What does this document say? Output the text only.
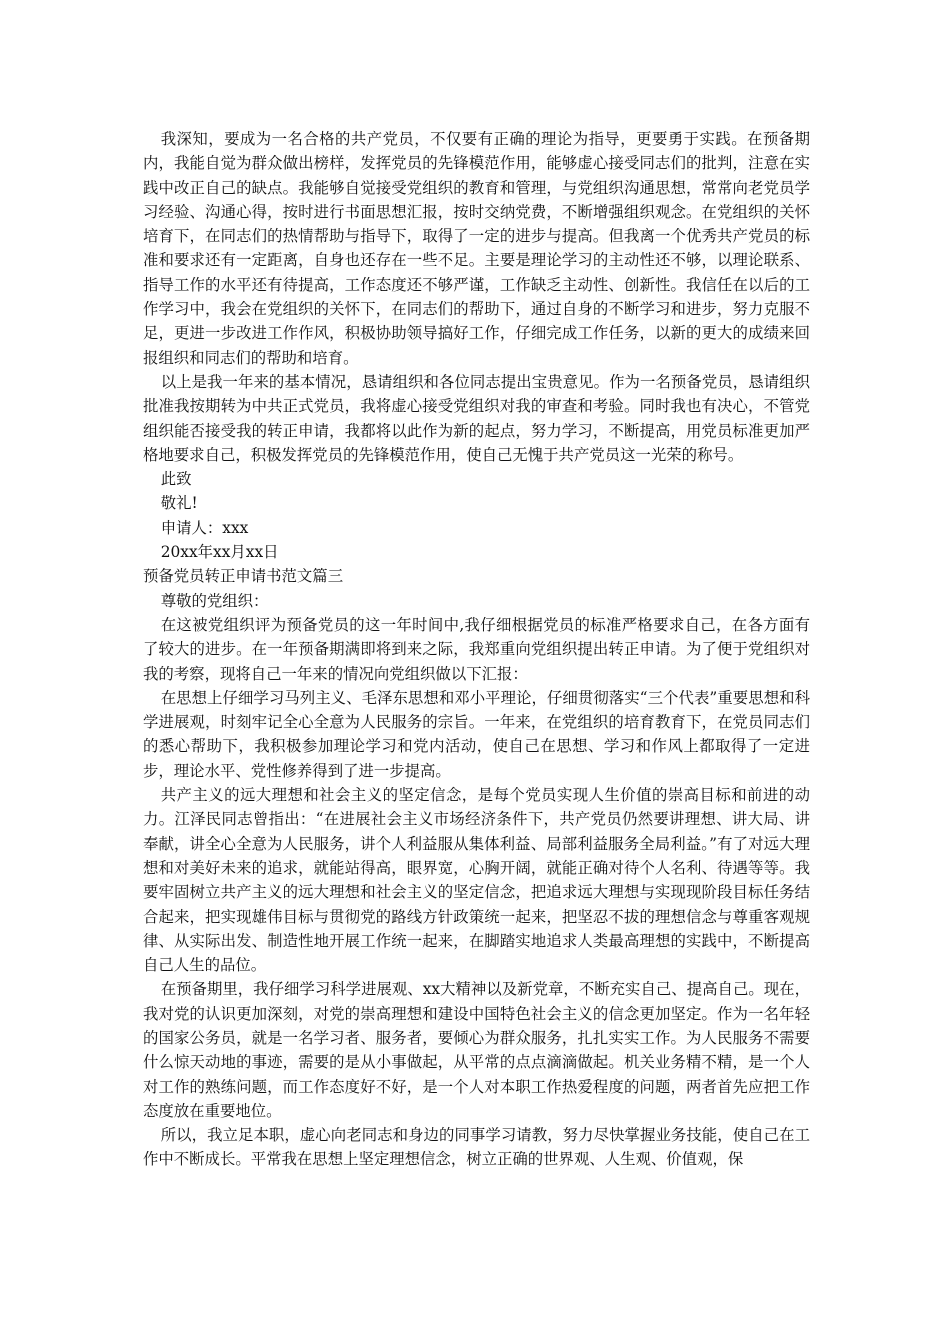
我深知，要成为一名合格的共产党员，不仅要有正确的理论为指导，更要勇于实践。在预备期内，我能自觉为群众做出榜样，发挥党员的先锋模范作用，能够虚心接受同志们的批判，注意在实践中改正自己的缺点。我能够自觉接受党组织的教育和管理，与党组织沟通思想，常常向老党员学习经验、沟通心得，按时进行书面思想汇报，按时交纳党费，不断增强组织观念。在党组织的关怀培育下，在同志们的热情帮助与指导下，取得了一定的进步与提高。但我离一个优秀共产党员的标准和要求还有一定距离，自身也还存在一些不足。主要是理论学习的主动性还不够，以理论联系、指导工作的水平还有待提高，工作态度还不够严谨，工作缺乏主动性、创新性。我信任在以后的工作学习中，我会在党组织的关怀下，在同志们的帮助下，通过自身的不断学习和进步，努力克服不足，更进一步改进工作作风，积极协助领导搞好工作，仔细完成工作任务，以新的更大的成绩来回报组织和同志们的帮助和培育。

以上是我一年来的基本情况，恳请组织和各位同志提出宝贵意见。作为一名预备党员，恳请组织批准我按期转为中共正式党员，我将虚心接受党组织对我的审查和考验。同时我也有决心，不管党组织能否接受我的转正申请，我都将以此作为新的起点，努力学习，不断提高，用党员标准更加严格地要求自己，积极发挥党员的先锋模范作用，使自己无愧于共产党员这一光荣的称号。

此致

敬礼!

申请人：xxx

20xx年xx月xx日

预备党员转正申请书范文篇三

尊敬的党组织：

在这被党组织评为预备党员的这一年时间中,我仔细根据党员的标准严格要求自己，在各方面有了较大的进步。在一年预备期满即将到来之际，我郑重向党组织提出转正申请。为了便于党组织对我的考察，现将自己一年来的情况向党组织做以下汇报：

在思想上仔细学习马列主义、毛泽东思想和邓小平理论，仔细贯彻落实“三个代表”重要思想和科学进展观，时刻牢记全心全意为人民服务的宗旨。一年来，在党组织的培育教育下，在党员同志们的悉心帮助下，我积极参加理论学习和党内活动，使自己在思想、学习和作风上都取得了一定进步，理论水平、党性修养得到了进一步提高。

共产主义的远大理想和社会主义的坚定信念，是每个党员实现人生价值的崇高目标和前进的动力。江泽民同志曾指出：“在进展社会主义市场经济条件下，共产党员仍然要讲理想、讲大局、讲奉献，讲全心全意为人民服务，讲个人利益服从集体利益、局部利益服务全局利益。”有了对远大理想和对美好未来的追求，就能站得高，眼界宽，心胸开阔，就能正确对待个人名利、待遇等等。我要牢固树立共产主义的远大理想和社会主义的坚定信念，把追求远大理想与实现现阶段目标任务结合起来，把实现雄伟目标与贯彻党的路线方针政策统一起来，把坚忍不拔的理想信念与尊重客观规律、从实际出发、制造性地开展工作统一起来，在脚踏实地追求人类最高理想的实践中，不断提高自己人生的品位。

在预备期里，我仔细学习科学进展观、xx大精神以及新党章，不断充实自己、提高自己。现在，我对党的认识更加深刻，对党的崇高理想和建设中国特色社会主义的信念更加坚定。作为一名年轻的国家公务员，就是一名学习者、服务者，要倾心为群众服务，扎扎实实工作。为人民服务不需要什么惊天动地的事迹，需要的是从小事做起，从平常的点点滴滴做起。机关业务精不精，是一个人对工作的熟练问题，而工作态度好不好，是一个人对本职工作热爱程度的问题，两者首先应把工作态度放在重要地位。

所以，我立足本职，虚心向老同志和身边的同事学习请教，努力尽快掌握业务技能，使自己在工作中不断成长。平常我在思想上坚定理想信念，树立正确的世界观、人生观、价值观，保
